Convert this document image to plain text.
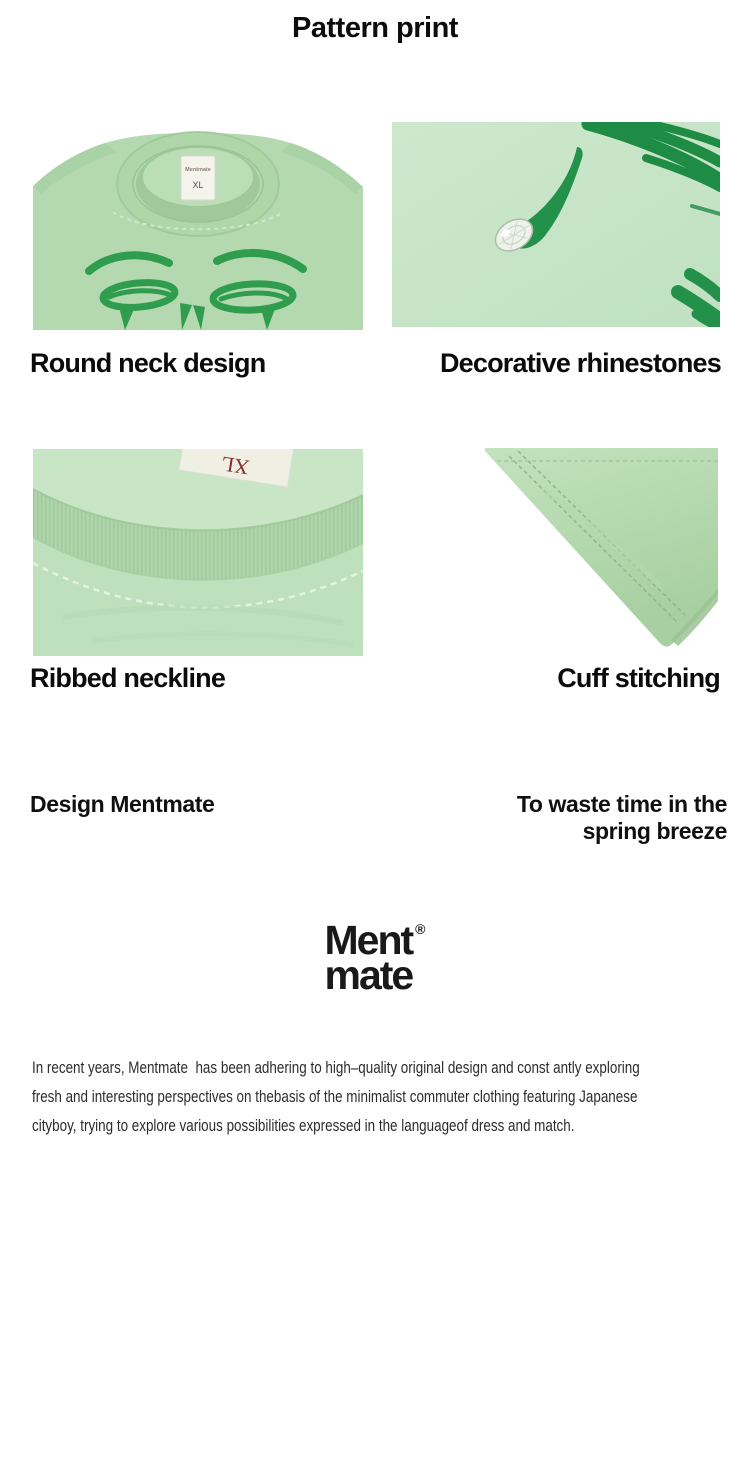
Pattern print
Mentmate
XL
Round neck design	Decorative rhinestones
XL
Ribbed neckline	Cuff stitching
Design Mentmate	To waste time in the
spring breeze
Ment ®
mate
In recent years, Mentmate  has been adhering to high–quality original design and const antly exploring
fresh and interesting perspectives on thebasis of the minimalist commuter clothing featuring Japanese
cityboy, trying to explore various possibilities expressed in the languageof dress and match.
